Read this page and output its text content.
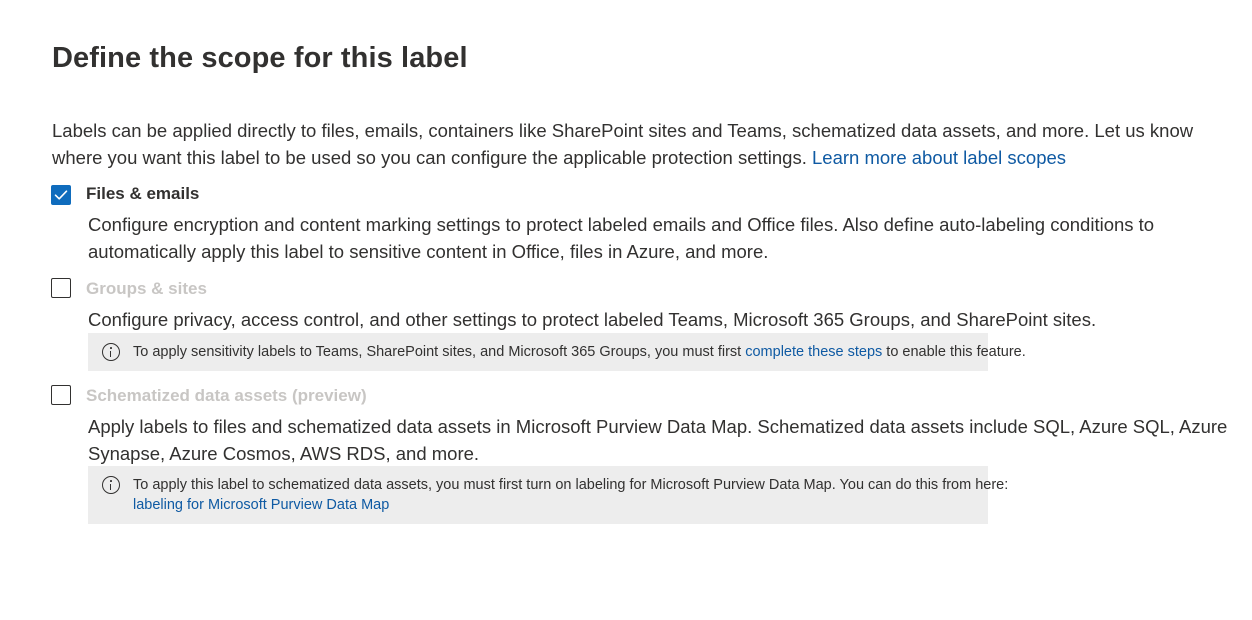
Define the scope for this label
Labels can be applied directly to files, emails, containers like SharePoint sites and Teams, schematized data assets, and more. Let us know
where you want this label to be used so you can configure the applicable protection settings. Learn more about label scopes
Files & emails
Configure encryption and content marking settings to protect labeled emails and Office files. Also define auto-labeling conditions to
automatically apply this label to sensitive content in Office, files in Azure, and more.
Groups & sites
Configure privacy, access control, and other settings to protect labeled Teams, Microsoft 365 Groups, and SharePoint sites.
To apply sensitivity labels to Teams, SharePoint sites, and Microsoft 365 Groups, you must first complete these steps to enable this feature.
Schematized data assets (preview)
Apply labels to files and schematized data assets in Microsoft Purview Data Map. Schematized data assets include SQL, Azure SQL, Azure
Synapse, Azure Cosmos, AWS RDS, and more.
To apply this label to schematized data assets, you must first turn on labeling for Microsoft Purview Data Map. You can do this from here:
labeling for Microsoft Purview Data Map
